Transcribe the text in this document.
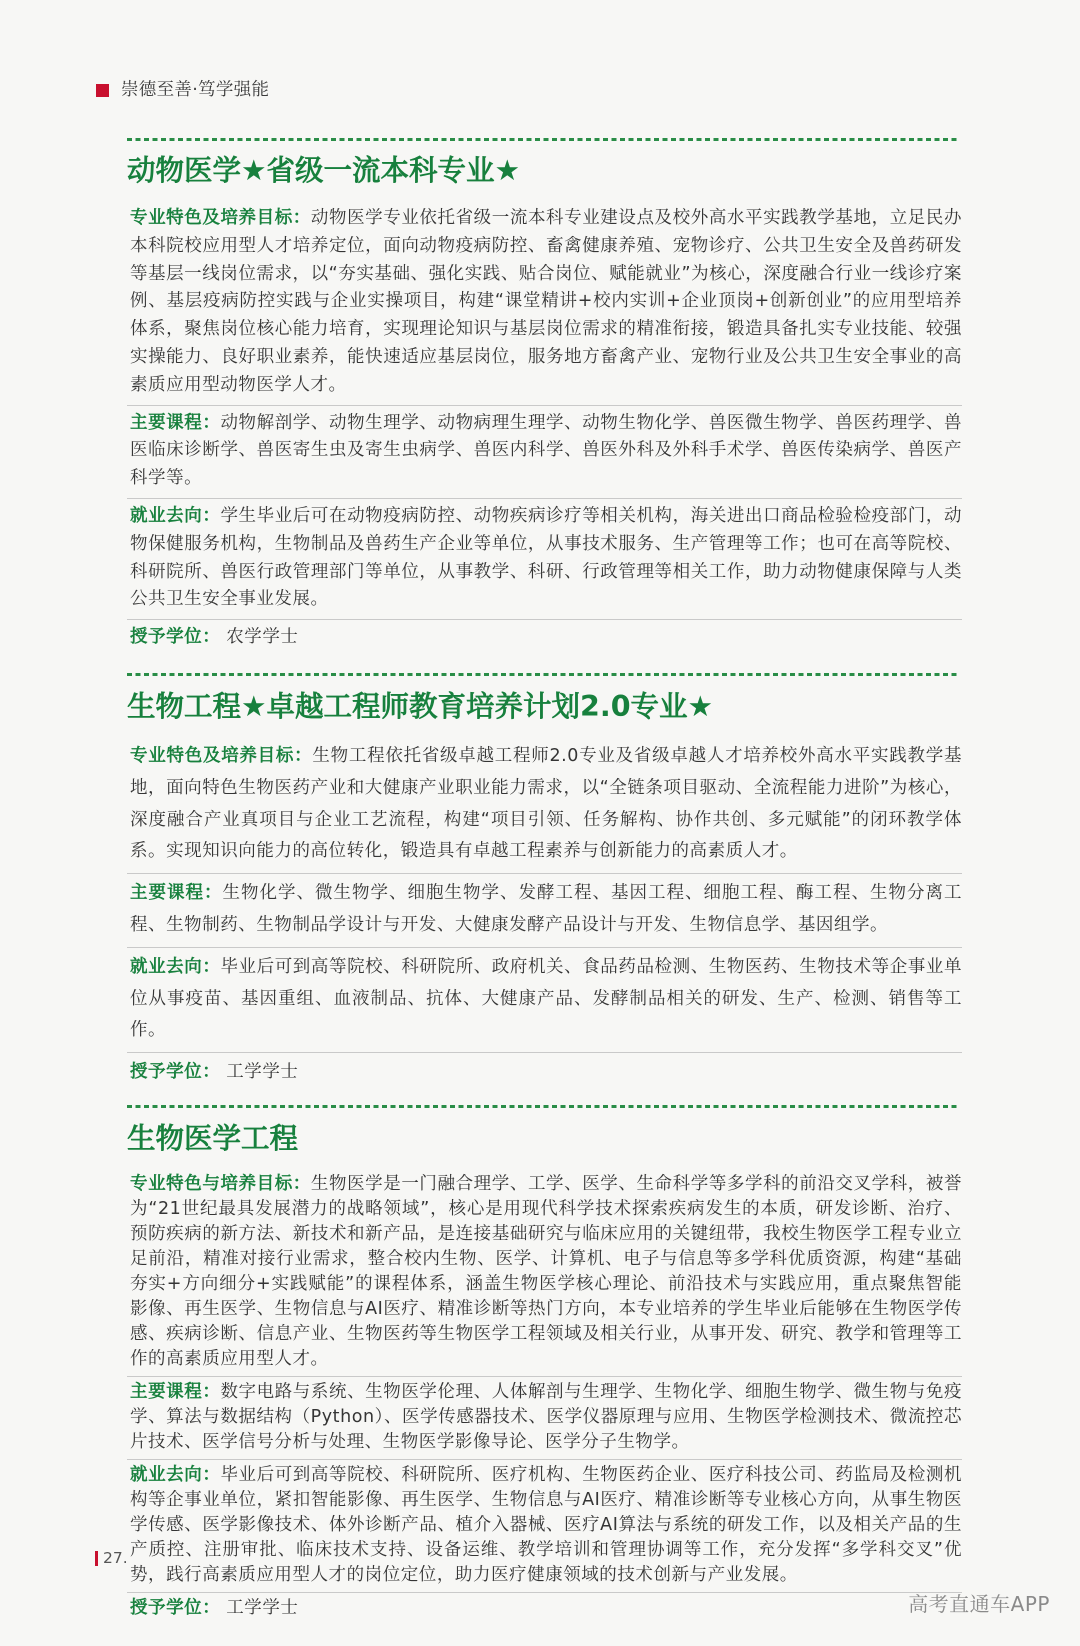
崇德至善·笃学强能
动物医学★省级一流本科专业★

专业特色及培养目标：动物医学专业依托省级一流本科专业建设点及校外高水平实践教学基地，立足民办本科院校应用型人才培养定位，面向动物疫病防控、畜禽健康养殖、宠物诊疗、公共卫生安全及兽药研发等基层一线岗位需求，以“夯实基础、强化实践、贴合岗位、赋能就业”为核心，深度融合行业一线诊疗案例、基层疫病防控实践与企业实操项目，构建“课堂精讲+校内实训+企业顶岗+创新创业”的应用型培养体系，聚焦岗位核心能力培育，实现理论知识与基层岗位需求的精准衔接，锻造具备扎实专业技能、较强实操能力、良好职业素养，能快速适应基层岗位，服务地方畜禽产业、宠物行业及公共卫生安全事业的高素质应用型动物医学人才。

主要课程：动物解剖学、动物生理学、动物病理生理学、动物生物化学、兽医微生物学、兽医药理学、兽医临床诊断学、兽医寄生虫及寄生虫病学、兽医内科学、兽医外科及外科手术学、兽医传染病学、兽医产科学等。

就业去向：学生毕业后可在动物疫病防控、动物疾病诊疗等相关机构，海关进出口商品检验检疫部门，动物保健服务机构，生物制品及兽药生产企业等单位，从事技术服务、生产管理等工作；也可在高等院校、科研院所、兽医行政管理部门等单位，从事教学、科研、行政管理等相关工作，助力动物健康保障与人类公共卫生安全事业发展。

授予学位： 农学学士

生物工程★卓越工程师教育培养计划2.0专业★

专业特色及培养目标：生物工程依托省级卓越工程师2.0专业及省级卓越人才培养校外高水平实践教学基地，面向特色生物医药产业和大健康产业职业能力需求，以“全链条项目驱动、全流程能力进阶”为核心，深度融合产业真项目与企业工艺流程，构建“项目引领、任务解构、协作共创、多元赋能”的闭环教学体系。实现知识向能力的高位转化，锻造具有卓越工程素养与创新能力的高素质人才。

主要课程：生物化学、微生物学、细胞生物学、发酵工程、基因工程、细胞工程、酶工程、生物分离工程、生物制药、生物制品学设计与开发、大健康发酵产品设计与开发、生物信息学、基因组学。

就业去向：毕业后可到高等院校、科研院所、政府机关、食品药品检测、生物医药、生物技术等企事业单位从事疫苗、基因重组、血液制品、抗体、大健康产品、发酵制品相关的研发、生产、检测、销售等工作。

授予学位： 工学学士

生物医学工程

专业特色与培养目标：生物医学是一门融合理学、工学、医学、生命科学等多学科的前沿交叉学科，被誉为“21世纪最具发展潜力的战略领域”，核心是用现代科学技术探索疾病发生的本质，研发诊断、治疗、预防疾病的新方法、新技术和新产品，是连接基础研究与临床应用的关键纽带，我校生物医学工程专业立足前沿，精准对接行业需求，整合校内生物、医学、计算机、电子与信息等多学科优质资源，构建“基础夯实+方向细分+实践赋能”的课程体系，涵盖生物医学核心理论、前沿技术与实践应用，重点聚焦智能影像、再生医学、生物信息与AI医疗、精准诊断等热门方向，本专业培养的学生毕业后能够在生物医学传感、疾病诊断、信息产业、生物医药等生物医学工程领域及相关行业，从事开发、研究、教学和管理等工作的高素质应用型人才。

主要课程：数字电路与系统、生物医学伦理、人体解剖与生理学、生物化学、细胞生物学、微生物与免疫学、算法与数据结构（Python）、医学传感器技术、医学仪器原理与应用、生物医学检测技术、微流控芯片技术、医学信号分析与处理、生物医学影像导论、医学分子生物学。

就业去向：毕业后可到高等院校、科研院所、医疗机构、生物医药企业、医疗科技公司、药监局及检测机构等企事业单位，紧扣智能影像、再生医学、生物信息与AI医疗、精准诊断等专业核心方向，从事生物医学传感、医学影像技术、体外诊断产品、植介入器械、医疗AI算法与系统的研发工作，以及相关产品的生产质控、注册审批、临床技术支持、设备运维、教学培训和管理协调等工作，充分发挥“多学科交叉”优势，践行高素质应用型人才的岗位定位，助力医疗健康领域的技术创新与产业发展。

授予学位： 工学学士

27.
高考直通车APP
